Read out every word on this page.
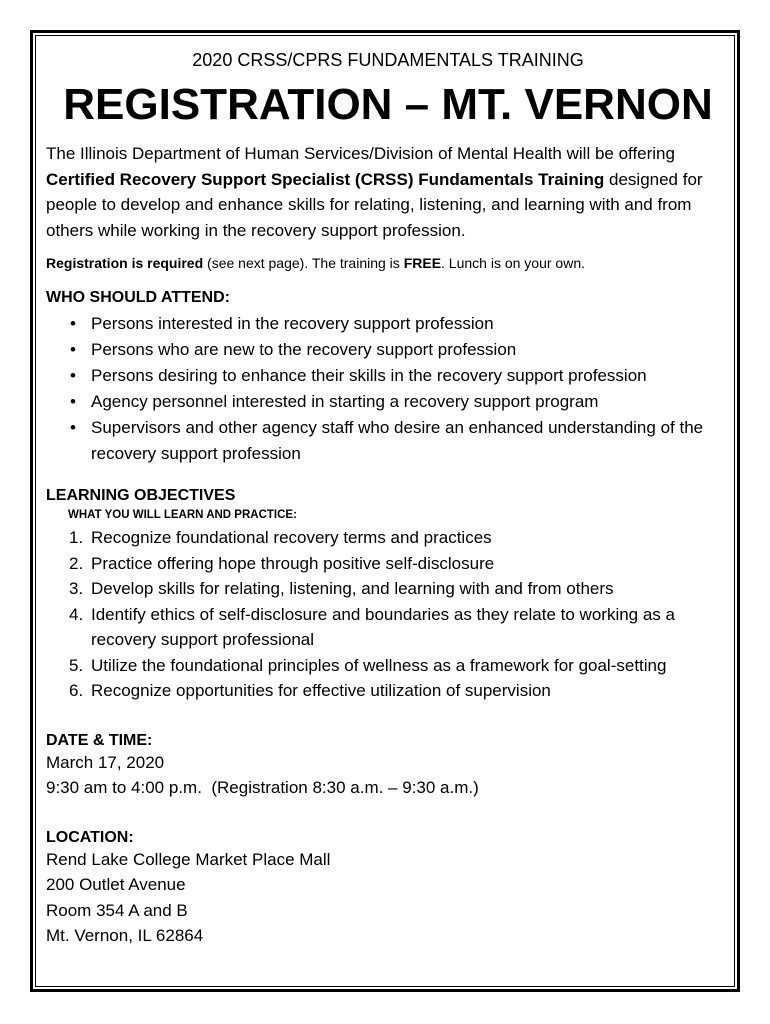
2020 CRSS/CPRS FUNDAMENTALS TRAINING
REGISTRATION – MT. VERNON
The Illinois Department of Human Services/Division of Mental Health will be offering Certified Recovery Support Specialist (CRSS) Fundamentals Training designed for people to develop and enhance skills for relating, listening, and learning with and from others while working in the recovery support profession.
Registration is required (see next page). The training is FREE. Lunch is on your own.
WHO SHOULD ATTEND:
• Persons interested in the recovery support profession
• Persons who are new to the recovery support profession
• Persons desiring to enhance their skills in the recovery support profession
• Agency personnel interested in starting a recovery support program
• Supervisors and other agency staff who desire an enhanced understanding of the recovery support profession
LEARNING OBJECTIVES
WHAT YOU WILL LEARN AND PRACTICE:
1. Recognize foundational recovery terms and practices
2. Practice offering hope through positive self-disclosure
3. Develop skills for relating, listening, and learning with and from others
4. Identify ethics of self-disclosure and boundaries as they relate to working as a recovery support professional
5. Utilize the foundational principles of wellness as a framework for goal-setting
6. Recognize opportunities for effective utilization of supervision
DATE & TIME:
March 17, 2020
9:30 am to 4:00 p.m.  (Registration 8:30 a.m. – 9:30 a.m.)
LOCATION:
Rend Lake College Market Place Mall
200 Outlet Avenue
Room 354 A and B
Mt. Vernon, IL 62864
